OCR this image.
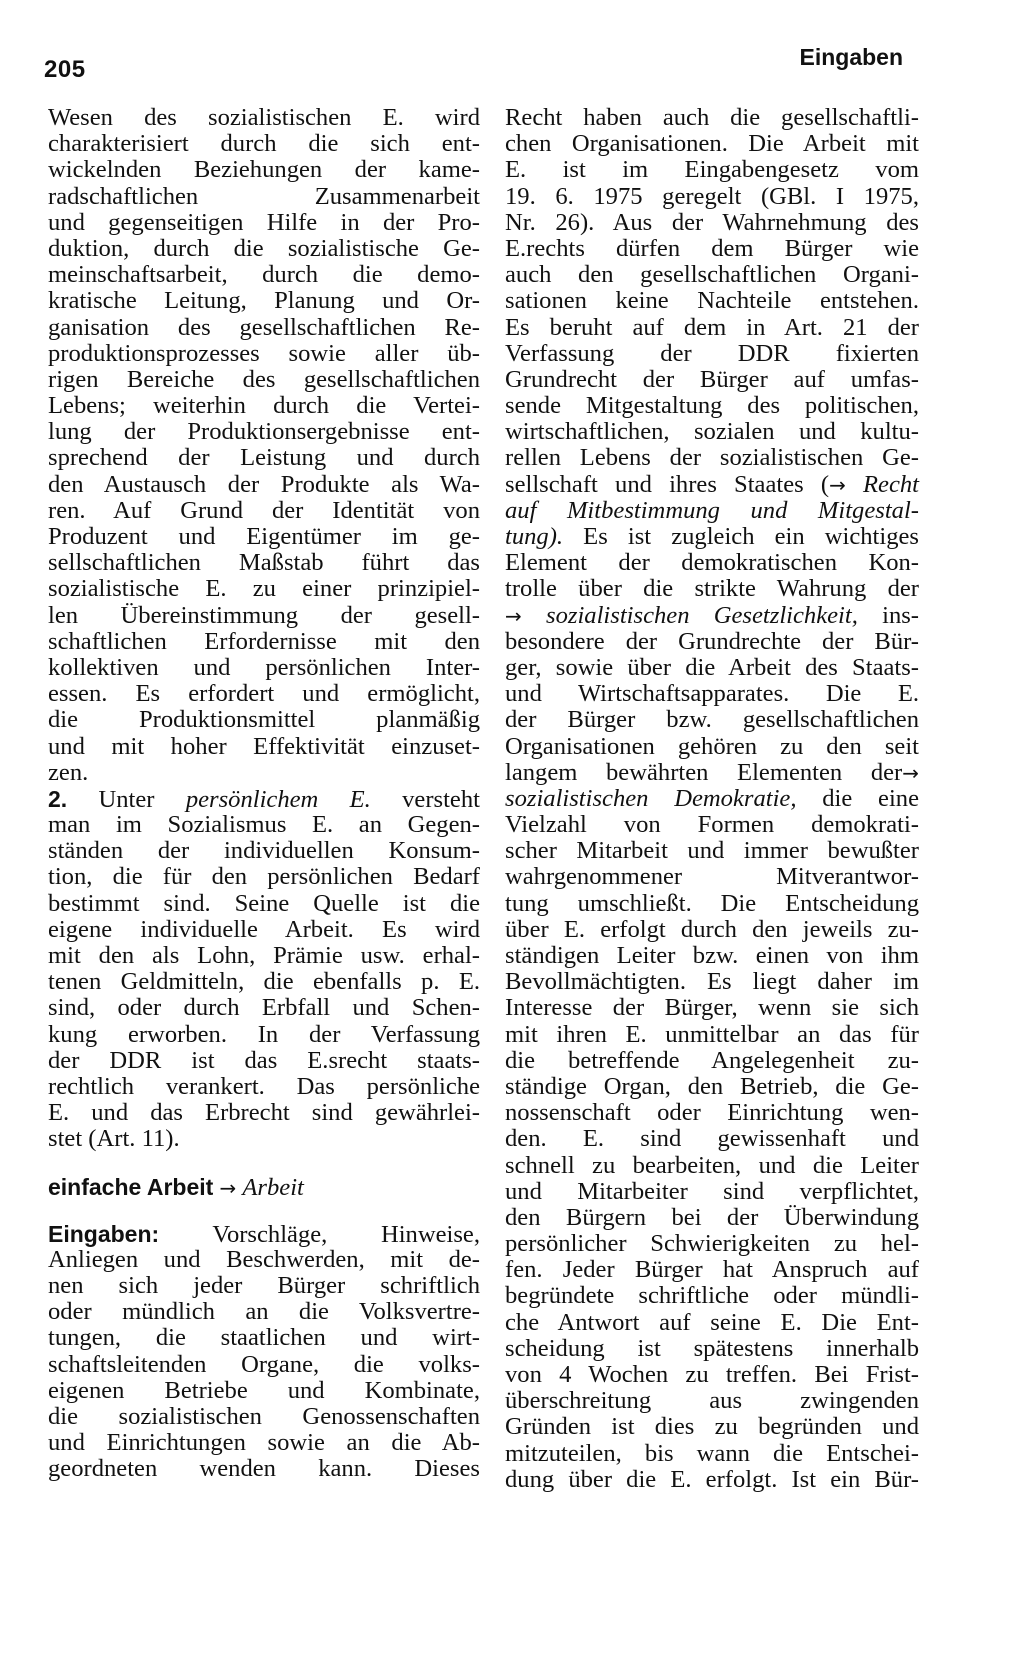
205	Eingaben
Wesen des sozialistischen E. wird
charakterisiert durch die sich ent-
wickelnden Beziehungen der kame-
radschaftlichen Zusammenarbeit
und gegenseitigen Hilfe in der Pro-
duktion, durch die sozialistische Ge-
meinschaftsarbeit, durch die demo-
kratische Leitung, Planung und Or-
ganisation des gesellschaftlichen Re-
produktionsprozesses sowie aller üb-
rigen Bereiche des gesellschaftlichen
Lebens; weiterhin durch die Vertei-
lung der Produktionsergebnisse ent-
sprechend der Leistung und durch
den Austausch der Produkte als Wa-
ren. Auf Grund der Identität von
Produzent und Eigentümer im ge-
sellschaftlichen Maßstab führt das
sozialistische E. zu einer prinzipiel-
len Übereinstimmung der gesell-
schaftlichen Erfordernisse mit den
kollektiven und persönlichen Inter-
essen. Es erfordert und ermöglicht,
die Produktionsmittel planmäßig
und mit hoher Effektivität einzuset-
zen.
2. Unter persönlichem E. versteht
man im Sozialismus E. an Gegen-
ständen der individuellen Konsum-
tion, die für den persönlichen Bedarf
bestimmt sind. Seine Quelle ist die
eigene individuelle Arbeit. Es wird
mit den als Lohn, Prämie usw. erhal-
tenen Geldmitteln, die ebenfalls p. E.
sind, oder durch Erbfall und Schen-
kung erworben. In der Verfassung
der DDR ist das E.srecht staats-
rechtlich verankert. Das persönliche
E. und das Erbrecht sind gewährlei-
stet (Art. 11).
einfache Arbeit → Arbeit
Eingaben: Vorschläge, Hinweise,
Anliegen und Beschwerden, mit de-
nen sich jeder Bürger schriftlich
oder mündlich an die Volksvertre-
tungen, die staatlichen und wirt-
schaftsleitenden Organe, die volks-
eigenen Betriebe und Kombinate,
die sozialistischen Genossenschaften
und Einrichtungen sowie an die Ab-
geordneten wenden kann. Dieses
Recht haben auch die gesellschaftli-
chen Organisationen. Die Arbeit mit
E. ist im Eingabengesetz vom
19. 6. 1975 geregelt (GBl. I 1975,
Nr. 26). Aus der Wahrnehmung des
E.rechts dürfen dem Bürger wie
auch den gesellschaftlichen Organi-
sationen keine Nachteile entstehen.
Es beruht auf dem in Art. 21 der
Verfassung der DDR fixierten
Grundrecht der Bürger auf umfas-
sende Mitgestaltung des politischen,
wirtschaftlichen, sozialen und kultu-
rellen Lebens der sozialistischen Ge-
sellschaft und ihres Staates (→ Recht
auf Mitbestimmung und Mitgestal-
tung). Es ist zugleich ein wichtiges
Element der demokratischen Kon-
trolle über die strikte Wahrung der
→ sozialistischen Gesetzlichkeit, ins-
besondere der Grundrechte der Bür-
ger, sowie über die Arbeit des Staats-
und Wirtschaftsapparates. Die E.
der Bürger bzw. gesellschaftlichen
Organisationen gehören zu den seit
langem bewährten Elementen der→
sozialistischen Demokratie, die eine
Vielzahl von Formen demokrati-
scher Mitarbeit und immer bewußter
wahrgenommener Mitverantwor-
tung umschließt. Die Entscheidung
über E. erfolgt durch den jeweils zu-
ständigen Leiter bzw. einen von ihm
Bevollmächtigten. Es liegt daher im
Interesse der Bürger, wenn sie sich
mit ihren E. unmittelbar an das für
die betreffende Angelegenheit zu-
ständige Organ, den Betrieb, die Ge-
nossenschaft oder Einrichtung wen-
den. E. sind gewissenhaft und
schnell zu bearbeiten, und die Leiter
und Mitarbeiter sind verpflichtet,
den Bürgern bei der Überwindung
persönlicher Schwierigkeiten zu hel-
fen. Jeder Bürger hat Anspruch auf
begründete schriftliche oder mündli-
che Antwort auf seine E. Die Ent-
scheidung ist spätestens innerhalb
von 4 Wochen zu treffen. Bei Frist-
überschreitung aus zwingenden
Gründen ist dies zu begründen und
mitzuteilen, bis wann die Entschei-
dung über die E. erfolgt. Ist ein Bür-
